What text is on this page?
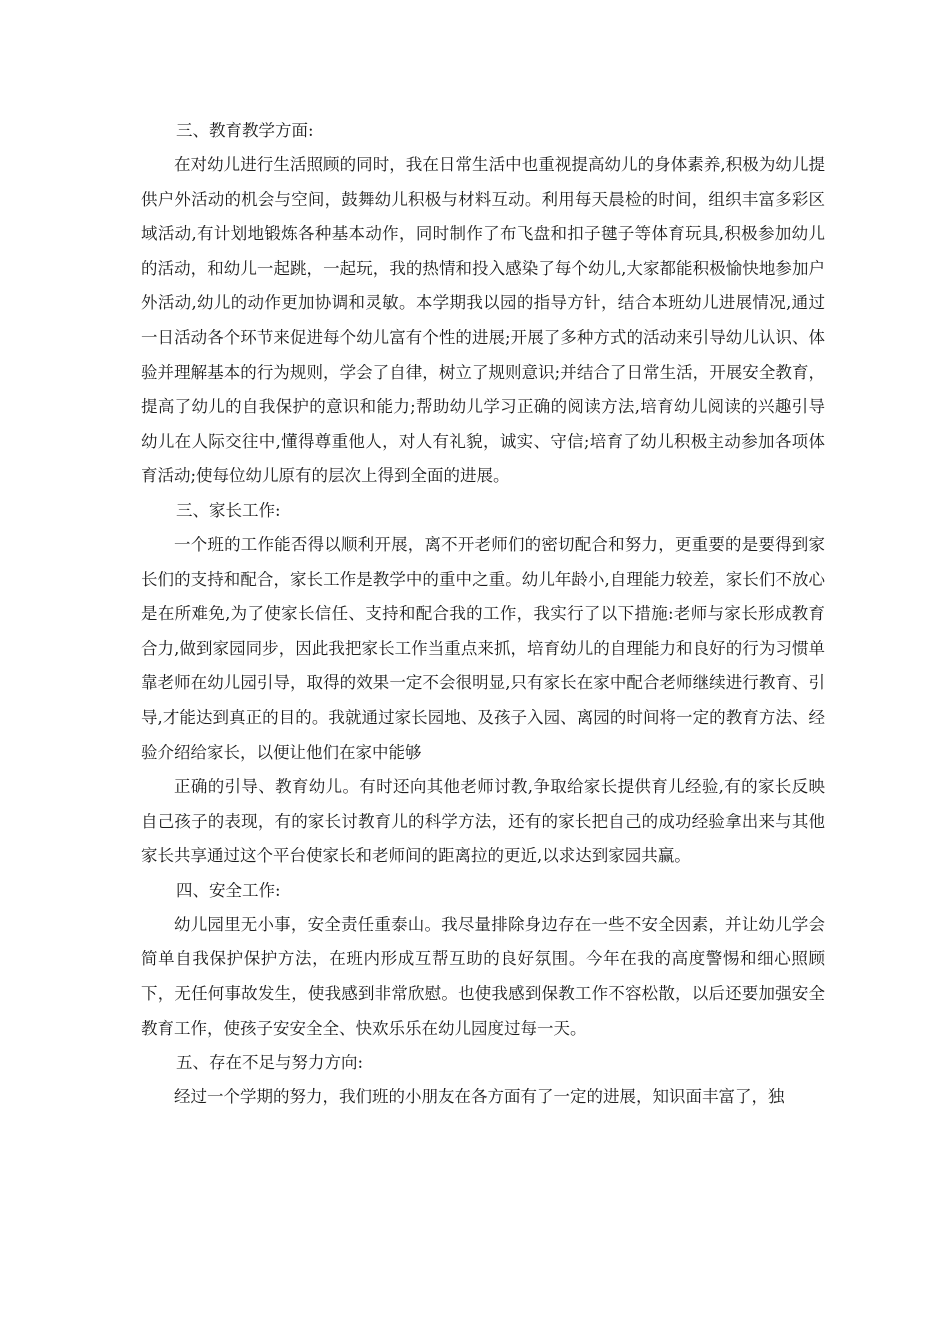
三、教育教学方面:

在对幼儿进行生活照顾的同时，我在日常生活中也重视提高幼儿的身体素养,积极为幼儿提供户外活动的机会与空间，鼓舞幼儿积极与材料互动。利用每天晨检的时间，组织丰富多彩区域活动,有计划地锻炼各种基本动作，同时制作了布飞盘和扣子毽子等体育玩具,积极参加幼儿的活动，和幼儿一起跳，一起玩，我的热情和投入感染了每个幼儿,大家都能积极愉快地参加户外活动,幼儿的动作更加协调和灵敏。本学期我以园的指导方针，结合本班幼儿进展情况,通过一日活动各个环节来促进每个幼儿富有个性的进展;开展了多种方式的活动来引导幼儿认识、体验并理解基本的行为规则，学会了自律，树立了规则意识;并结合了日常生活，开展安全教育，提高了幼儿的自我保护的意识和能力;帮助幼儿学习正确的阅读方法,培育幼儿阅读的兴趣引导幼儿在人际交往中,懂得尊重他人，对人有礼貌，诚实、守信;培育了幼儿积极主动参加各项体育活动;使每位幼儿原有的层次上得到全面的进展。

三、家长工作:

一个班的工作能否得以顺利开展，离不开老师们的密切配合和努力，更重要的是要得到家长们的支持和配合，家长工作是教学中的重中之重。幼儿年龄小,自理能力较差，家长们不放心是在所难免,为了使家长信任、支持和配合我的工作，我实行了以下措施:老师与家长形成教育合力,做到家园同步，因此我把家长工作当重点来抓，培育幼儿的自理能力和良好的行为习惯单靠老师在幼儿园引导，取得的效果一定不会很明显,只有家长在家中配合老师继续进行教育、引导,才能达到真正的目的。我就通过家长园地、及孩子入园、离园的时间将一定的教育方法、经验介绍给家长，以便让他们在家中能够

正确的引导、教育幼儿。有时还向其他老师讨教,争取给家长提供育儿经验,有的家长反映自己孩子的表现，有的家长讨教育儿的科学方法，还有的家长把自己的成功经验拿出来与其他家长共享通过这个平台使家长和老师间的距离拉的更近,以求达到家园共赢。

四、安全工作:

幼儿园里无小事，安全责任重泰山。我尽量排除身边存在一些不安全因素，并让幼儿学会简单自我保护保护方法，在班内形成互帮互助的良好氛围。今年在我的高度警惕和细心照顾下，无任何事故发生，使我感到非常欣慰。也使我感到保教工作不容松散，以后还要加强安全教育工作，使孩子安安全全、快欢乐乐在幼儿园度过每一天。

五、存在不足与努力方向:

经过一个学期的努力，我们班的小朋友在各方面有了一定的进展，知识面丰富了，独
